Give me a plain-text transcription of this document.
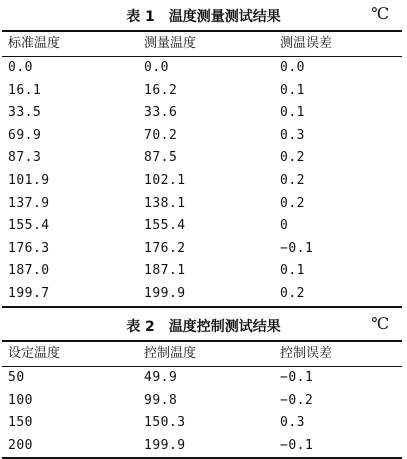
表 1 温度测量测试结果	℃
标准温度	测量温度	测温误差
0.0	0.0	0.0
16.1	16.2	0.1
33.5	33.6	0.1
69.9	70.2	0.3
87.3	87.5	0.2
101.9	102.1	0.2
137.9	138.1	0.2
155.4	155.4	0
176.3	176.2	−0.1
187.0	187.1	0.1
199.7	199.9	0.2
表 2 温度控制测试结果	℃
设定温度	控制温度	控制误差
50	49.9	−0.1
100	99.8	−0.2
150	150.3	0.3
200	199.9	−0.1
